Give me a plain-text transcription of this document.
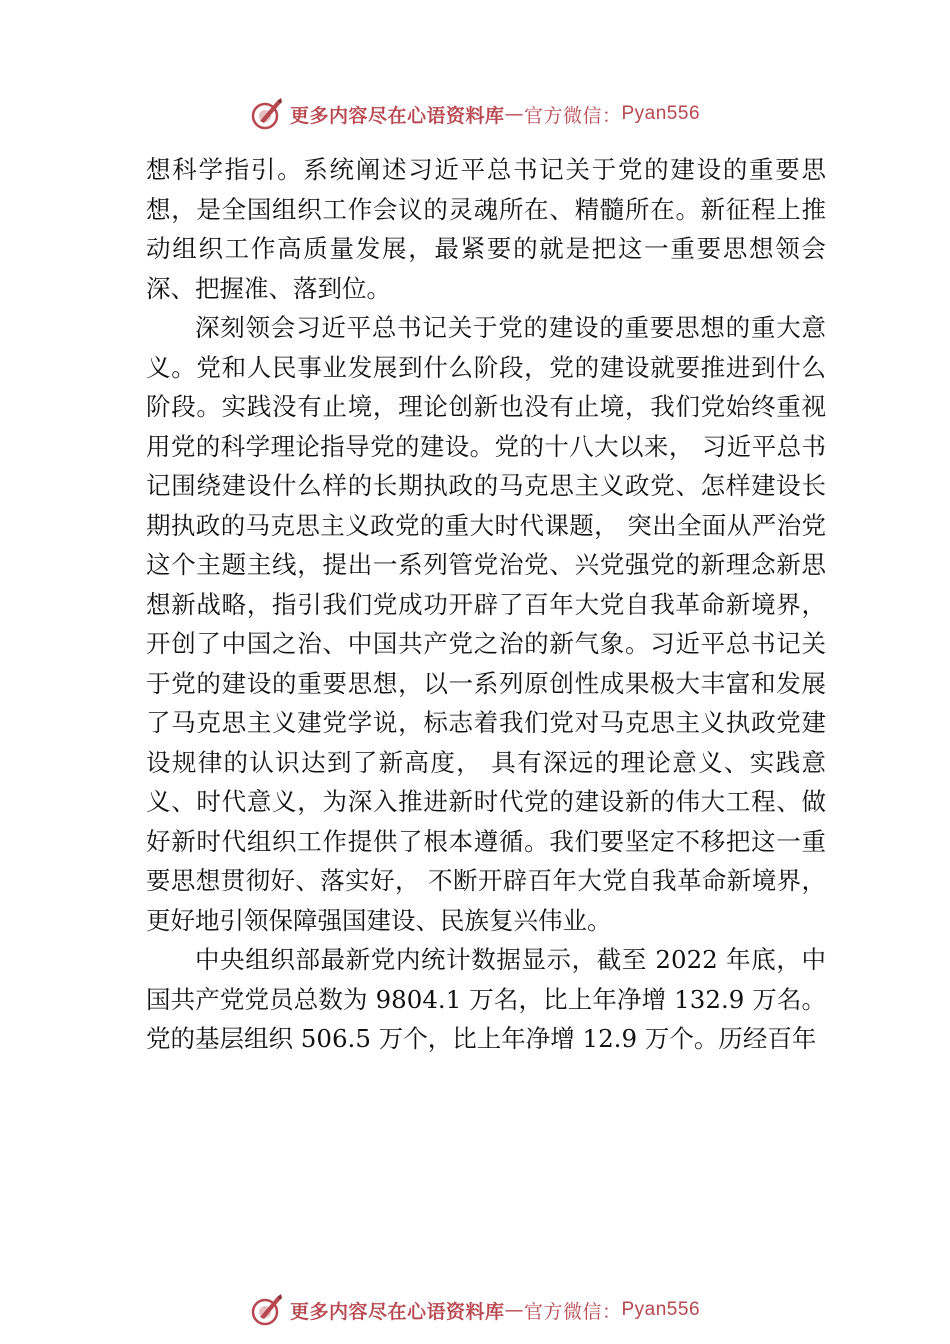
更多内容尽在心语资料库 — 官方微信： Pyan556

想科学指引。系统阐述习近平总书记关于党的建设的重要思想，是全国组织工作会议的灵魂所在、精髓所在。新征程上推动组织工作高质量发展，最紧要的就是把这一重要思想领会深、把握准、落到位。

深刻领会习近平总书记关于党的建设的重要思想的重大意义。党和人民事业发展到什么阶段，党的建设就要推进到什么阶段。实践没有止境，理论创新也没有止境，我们党始终重视用党的科学理论指导党的建设。党的十八大以来， 习近平总书记围绕建设什么样的长期执政的马克思主义政党、怎样建设长期执政的马克思主义政党的重大时代课题， 突出全面从严治党这个主题主线，提出一系列管党治党、兴党强党的新理念新思想新战略，指引我们党成功开辟了百年大党自我革命新境界，开创了中国之治、中国共产党之治的新气象。习近平总书记关于党的建设的重要思想，以一系列原创性成果极大丰富和发展了马克思主义建党学说，标志着我们党对马克思主义执政党建设规律的认识达到了新高度， 具有深远的理论意义、实践意义、时代意义，为深入推进新时代党的建设新的伟大工程、做好新时代组织工作提供了根本遵循。我们要坚定不移把这一重要思想贯彻好、落实好， 不断开辟百年大党自我革命新境界，更好地引领保障强国建设、民族复兴伟业。

中央组织部最新党内统计数据显示，截至 2022 年底，中国共产党党员总数为 9804.1 万名，比上年净增 132.9 万名。党的基层组织 506.5 万个，比上年净增 12.9 万个。历经百年

更多内容尽在心语资料库 — 官方微信： Pyan556
